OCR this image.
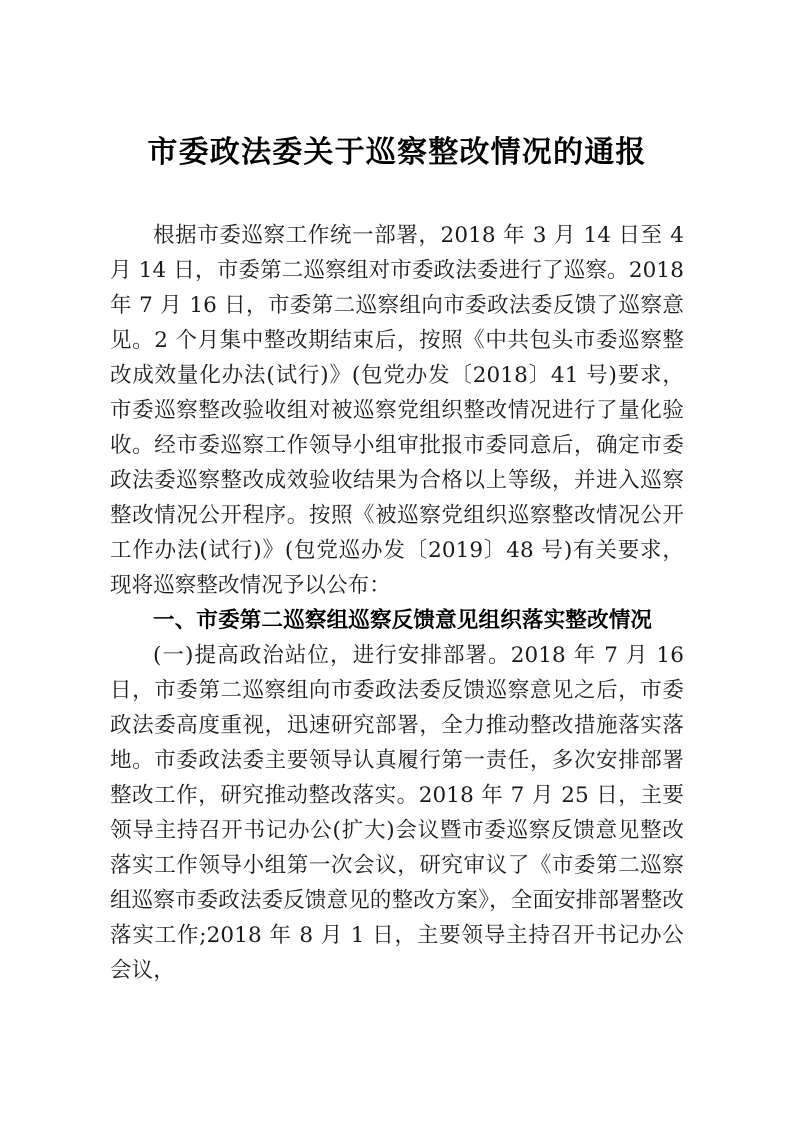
市委政法委关于巡察整改情况的通报

根据市委巡察工作统一部署，2018 年 3 月 14 日至 4 月 14 日，市委第二巡察组对市委政法委进行了巡察。2018 年 7 月 16 日，市委第二巡察组向市委政法委反馈了巡察意见。2 个月集中整改期结束后，按照《中共包头市委巡察整改成效量化办法(试行)》(包党办发〔2018〕41 号)要求，市委巡察整改验收组对被巡察党组织整改情况进行了量化验收。经市委巡察工作领导小组审批报市委同意后，确定市委政法委巡察整改成效验收结果为合格以上等级，并进入巡察整改情况公开程序。按照《被巡察党组织巡察整改情况公开工作办法(试行)》(包党巡办发〔2019〕48 号)有关要求，现将巡察整改情况予以公布：

一、市委第二巡察组巡察反馈意见组织落实整改情况

(一)提高政治站位，进行安排部署。2018 年 7 月 16 日，市委第二巡察组向市委政法委反馈巡察意见之后，市委政法委高度重视，迅速研究部署，全力推动整改措施落实落地。市委政法委主要领导认真履行第一责任，多次安排部署整改工作，研究推动整改落实。2018 年 7 月 25 日，主要领导主持召开书记办公(扩大)会议暨市委巡察反馈意见整改落实工作领导小组第一次会议，研究审议了《市委第二巡察组巡察市委政法委反馈意见的整改方案》，全面安排部署整改落实工作;2018 年 8 月 1 日，主要领导主持召开书记办公会议，
